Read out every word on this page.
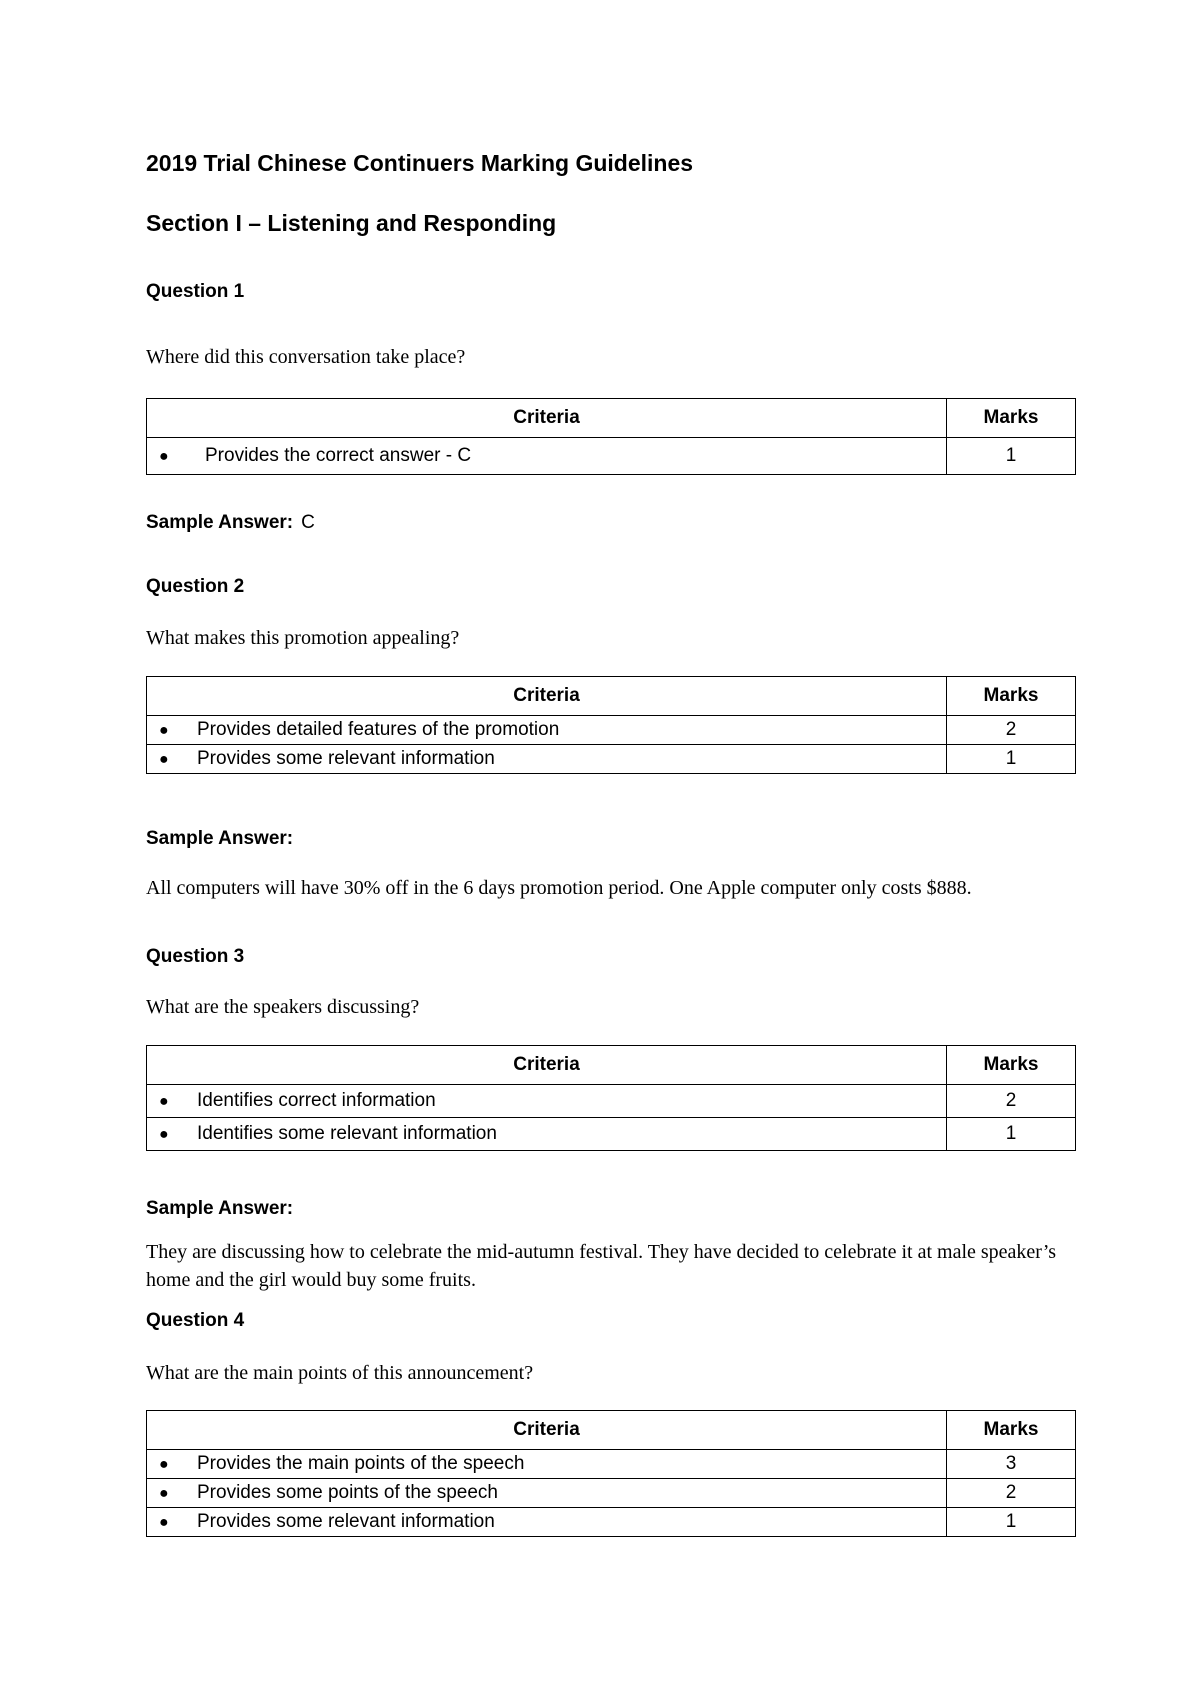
2019 Trial Chinese Continuers Marking Guidelines
Section I – Listening and Responding
Question 1
Where did this conversation take place?
Criteria	Marks
● Provides the correct answer - C	1
Sample Answer: C
Question 2
What makes this promotion appealing?
Criteria	Marks
● Provides detailed features of the promotion	2
● Provides some relevant information	1
Sample Answer:
All computers will have 30% off in the 6 days promotion period. One Apple computer only costs $888.
Question 3
What are the speakers discussing?
Criteria	Marks
● Identifies correct information	2
● Identifies some relevant information	1
Sample Answer:
They are discussing how to celebrate the mid-autumn festival. They have decided to celebrate it at male speaker’s home and the girl would buy some fruits.
Question 4
What are the main points of this announcement?
Criteria	Marks
● Provides the main points of the speech	3
● Provides some points of the speech	2
● Provides some relevant information	1
